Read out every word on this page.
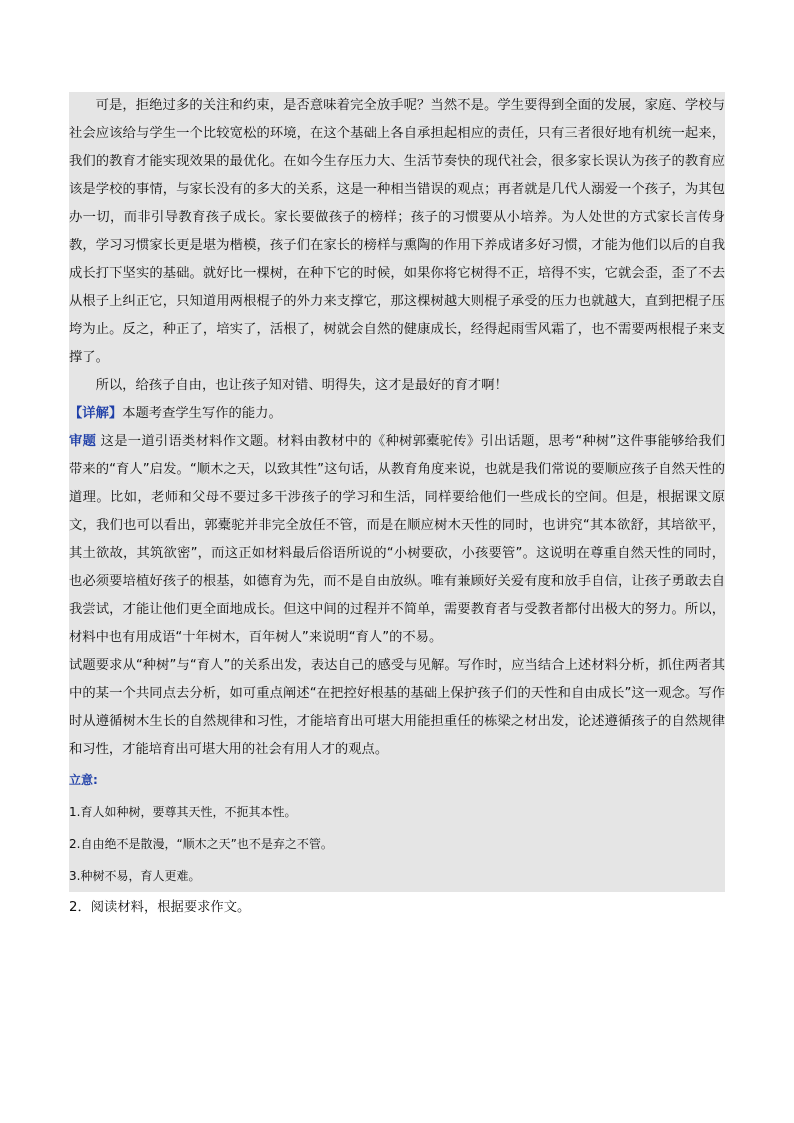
可是，拒绝过多的关注和约束，是否意味着完全放手呢？当然不是。学生要得到全面的发展，家庭、学校与社会应该给与学生一个比较宽松的环境，在这个基础上各自承担起相应的责任，只有三者很好地有机统一起来，我们的教育才能实现效果的最优化。在如今生存压力大、生活节奏快的现代社会，很多家长误认为孩子的教育应该是学校的事情，与家长没有的多大的关系，这是一种相当错误的观点；再者就是几代人溺爱一个孩子，为其包办一切，而非引导教育孩子成长。家长要做孩子的榜样；孩子的习惯要从小培养。为人处世的方式家长言传身教，学习习惯家长更是堪为楷模，孩子们在家长的榜样与熏陶的作用下养成诸多好习惯，才能为他们以后的自我成长打下坚实的基础。就好比一棵树，在种下它的时候，如果你将它树得不正，培得不实，它就会歪，歪了不去从根子上纠正它，只知道用两根棍子的外力来支撑它，那这棵树越大则棍子承受的压力也就越大，直到把棍子压垮为止。反之，种正了，培实了，活根了，树就会自然的健康成长，经得起雨雪风霜了，也不需要两根棍子来支撑了。

所以，给孩子自由，也让孩子知对错、明得失，这才是最好的育才啊！

【详解】本题考查学生写作的能力。

审题 这是一道引语类材料作文题。材料由教材中的《种树郭橐驼传》引出话题，思考“种树”这件事能够给我们带来的“育人”启发。“顺木之天，以致其性”这句话，从教育角度来说，也就是我们常说的要顺应孩子自然天性的道理。比如，老师和父母不要过多干涉孩子的学习和生活，同样要给他们一些成长的空间。但是，根据课文原文，我们也可以看出，郭橐驼并非完全放任不管，而是在顺应树木天性的同时，也讲究“其本欲舒，其培欲平，其土欲故，其筑欲密”，而这正如材料最后俗语所说的“小树要砍，小孩要管”。这说明在尊重自然天性的同时，也必须要培植好孩子的根基，如德育为先，而不是自由放纵。唯有兼顾好关爱有度和放手自信，让孩子勇敢去自我尝试，才能让他们更全面地成长。但这中间的过程并不简单，需要教育者与受教者都付出极大的努力。所以，材料中也有用成语“十年树木，百年树人”来说明“育人”的不易。

试题要求从“种树”与“育人”的关系出发，表达自己的感受与见解。写作时，应当结合上述材料分析，抓住两者其中的某一个共同点去分析，如可重点阐述“在把控好根基的基础上保护孩子们的天性和自由成长”这一观念。写作时从遵循树木生长的自然规律和习性，才能培育出可堪大用能担重任的栋梁之材出发，论述遵循孩子的自然规律和习性，才能培育出可堪大用的社会有用人才的观点。

立意:

1.育人如种树，要尊其天性，不扼其本性。

2.自由绝不是散漫，“顺木之天”也不是弃之不管。

3.种树不易，育人更难。

2．阅读材料，根据要求作文。
